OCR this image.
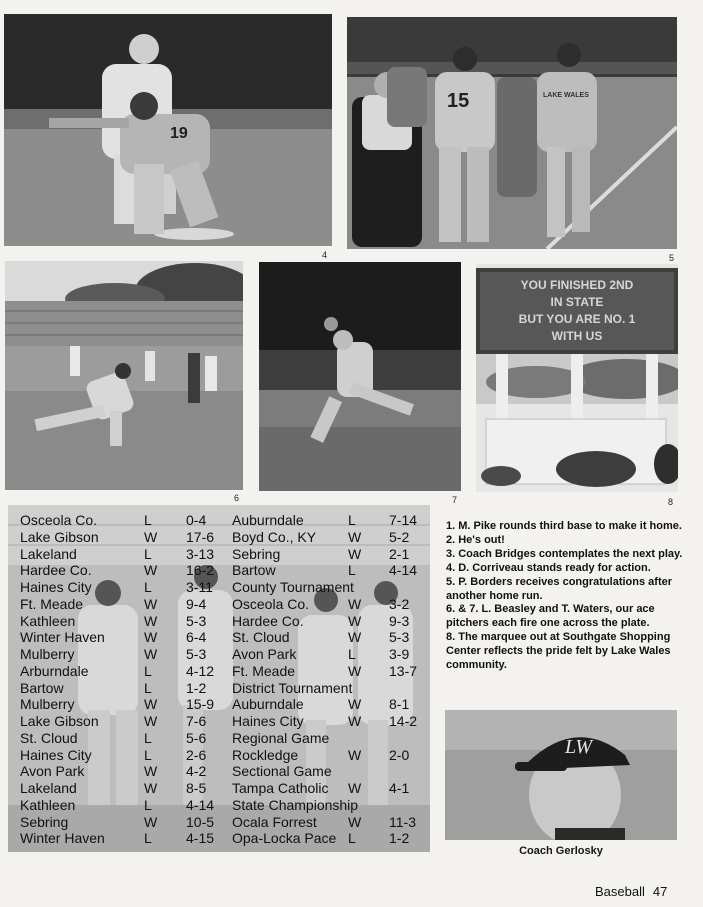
19
4
15	LAKE WALES
5
6	7
YOU FINISHED 2ND
IN STATE
BUT YOU ARE NO. 1
WITH US
8
Osceola Co.	L 0-4
Lake Gibson	W 17-6
Lakeland	L 3-13
Hardee Co.	W 16-2
Haines City	L 3-11
Ft. Meade	W 9-4
Kathleen	W 5-3
Winter Haven	W 6-4
Mulberry	W 5-3
Arburndale	L 4-12
Bartow	L 1-2
Mulberry	W 15-9
Lake Gibson	W 7-6
St. Cloud	L 5-6
Haines City	L 2-6
Avon Park	W 4-2
Lakeland	W 8-5
Kathleen	L 4-14
Sebring	W 10-5
Winter Haven	L 4-15
Auburndale	L 7-14
Boyd Co., KY W 5-2
Sebring	W 2-1
Bartow	L 4-14
County Tournament
Osceola Co.	W 3-2
Hardee Co.	W 9-3
St. Cloud	W 5-3
Avon Park	L 3-9
Ft. Meade	W 13-7
District Tournament
Auburndale	W 8-1
Haines City	W 14-2
Regional Game
Rockledge	W 2-0
Sectional Game
Tampa Catholic W 4-1
State Championship
Ocala Forrest W 11-3
Opa-Locka Pace L 1-2

1. M. Pike rounds third base to make it home.

2. He's out!

3. Coach Bridges contemplates the next play.

4. D. Corriveau stands ready for action.

5. P. Borders receives congratulations after another home run.

6. & 7. L. Beasley and T. Waters, our ace pitchers each fire one across the plate.

8. The marquee out at Southgate Shopping Center reflects the pride felt by Lake Wales community.

LW
Coach Gerlosky
Baseball 47
